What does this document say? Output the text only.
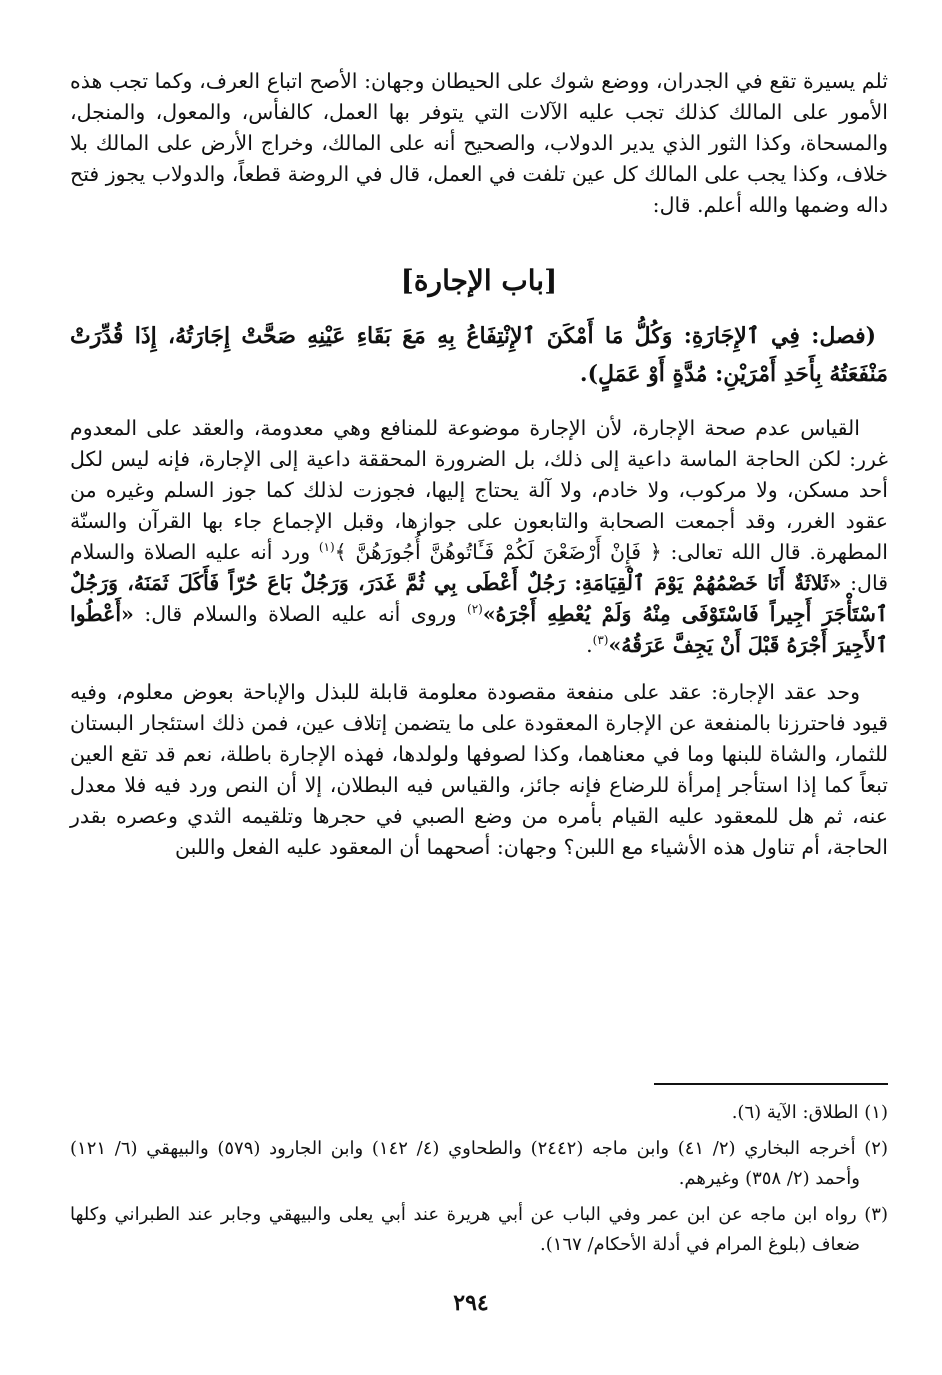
ثلم يسيرة تقع في الجدران، ووضع شوك على الحيطان وجهان: الأصح اتباع العرف، وكما تجب هذه الأمور على المالك كذلك تجب عليه الآلات التي يتوفر بها العمل، كالفأس، والمعول، والمنجل، والمسحاة، وكذا الثور الذي يدير الدولاب، والصحيح أنه على المالك، وخراج الأرض على المالك بلا خلاف، وكذا يجب على المالك كل عين تلفت في العمل، قال في الروضة قطعاً، والدولاب يجوز فتح داله وضمها والله أعلم. قال:

[باب الإجارة]

(فصل: فِي ٱلإِجَارَةِ: وَكُلُّ مَا أَمْكَنَ ٱلإِنْتِفَاعُ بِهِ مَعَ بَقَاءِ عَيْنِهِ صَحَّتْ إِجَارَتُهُ، إِذَا قُدِّرَتْ مَنْفَعَتُهُ بِأَحَدِ أَمْرَيْنِ: مُدَّةٍ أَوْ عَمَلٍ).

القياس عدم صحة الإجارة، لأن الإجارة موضوعة للمنافع وهي معدومة، والعقد على المعدوم غرر: لكن الحاجة الماسة داعية إلى ذلك، بل الضرورة المحققة داعية إلى الإجارة، فإنه ليس لكل أحد مسكن، ولا مركوب، ولا خادم، ولا آلة يحتاج إليها، فجوزت لذلك كما جوز السلم وغيره من عقود الغرر، وقد أجمعت الصحابة والتابعون على جوازها، وقبل الإجماع جاء بها القرآن والسنّة المطهرة. قال الله تعالى: ﴿ فَإِنْ أَرْضَعْنَ لَكُمْ فَـَٔاتُوهُنَّ أُجُورَهُنَّ ﴾$^{(١)}$ ورد أنه عليه الصلاة والسلام قال: «ثَلاثَةٌ أَنَا خَصْمُهُمْ يَوْمَ ٱلْقِيَامَةِ: رَجُلٌ أَعْطَى بِي ثُمَّ غَدَرَ، وَرَجُلٌ بَاعَ حُرّاً فَأَكَلَ ثَمَنَهُ، وَرَجُلٌ ٱسْتَأْجَرَ أَجِيراً فَاسْتَوْفَى مِنْهُ وَلَمْ يُعْطِهِ أَجْرَهُ»$^{(٢)}$ وروى أنه عليه الصلاة والسلام قال: «أَعْطُوا ٱلأَجِيرَ أَجْرَهُ قَبْلَ أَنْ يَجِفَّ عَرَقُهُ»$^{(٣)}$.

وحد عقد الإجارة: عقد على منفعة مقصودة معلومة قابلة للبذل والإباحة بعوض معلوم، وفيه قيود فاحترزنا بالمنفعة عن الإجارة المعقودة على ما يتضمن إتلاف عين، فمن ذلك استئجار البستان للثمار، والشاة للبنها وما في معناهما، وكذا لصوفها ولولدها، فهذه الإجارة باطلة، نعم قد تقع العين تبعاً كما إذا استأجر إمرأة للرضاع فإنه جائز، والقياس فيه البطلان، إلا أن النص ورد فيه فلا معدل عنه، ثم هل للمعقود عليه القيام بأمره من وضع الصبي في حجرها وتلقيمه الثدي وعصره بقدر الحاجة، أم تناول هذه الأشياء مع اللبن؟ وجهان: أصحهما أن المعقود عليه الفعل واللبن

(١) الطلاق: الآية (٦).

(٢) أخرجه البخاري (٢/ ٤١) وابن ماجه (٢٤٤٢) والطحاوي (٤/ ١٤٢) وابن الجارود (٥٧٩) والبيهقي (٦/ ١٢١) وأحمد (٢/ ٣٥٨) وغيرهم.

(٣) رواه ابن ماجه عن ابن عمر وفي الباب عن أبي هريرة عند أبي يعلى والبيهقي وجابر عند الطبراني وكلها ضعاف (بلوغ المرام في أدلة الأحكام/ ١٦٧).

٢٩٤
